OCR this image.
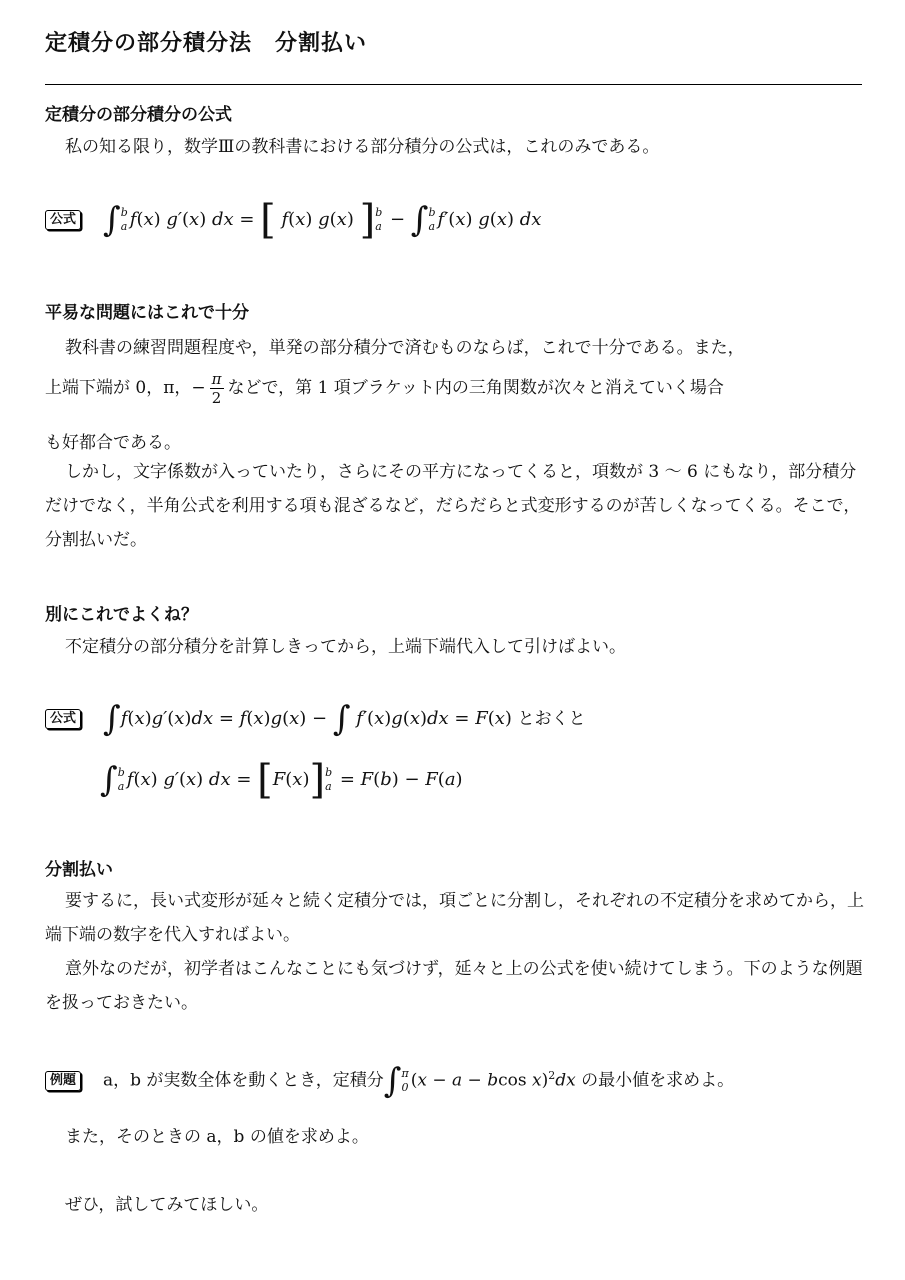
定積分の部分積分法　分割払い
定積分の部分積分の公式

私の知る限り，数学Ⅲの教科書における部分積分の公式は，これのみである。

公式 ∫ b
a f(x) g′(x) dx = [ f(x) g(x) ] b
a − ∫ b
a f′(x) g(x) dx
平易な問題にはこれで十分
教科書の練習問題程度や，単発の部分積分で済むものならば，これで十分である。また，
上端下端が 0，π，− $\frac{\pi}{2}$ などで，第 1 項ブラケット内の三角関数が次々と消えていく場合
も好都合である。

しかし，文字係数が入っていたり，さらにその平方になってくると，項数が 3 〜 6 にもなり，部分積分だけでなく，半角公式を利用する項も混ざるなど，だらだらと式変形するのが苦しくなってくる。そこで，分割払いだ。

別にこれでよくね？

不定積分の部分積分を計算しきってから，上端下端代入して引けばよい。

公式 ∫f(x)g′(x)dx = f(x)g(x) − ∫ f′(x)g(x)dx = F(x) とおくと
∫ b
a f(x) g′(x) dx = [F(x)] b
a = F(b) − F(a)
分割払い

要するに，長い式変形が延々と続く定積分では，項ごとに分割し，それぞれの不定積分を求めてから，上端下端の数字を代入すればよい。

意外なのだが，初学者はこんなことにも気づけず，延々と上の公式を使い続けてしまう。下のような例題を扱っておきたい。

例題 a，b が実数全体を動くとき，定積分∫ π
0 (x − a − bcos x)$^2$dx の最小値を求めよ。
また，そのときの a，b の値を求めよ。
ぜひ，試してみてほしい。
